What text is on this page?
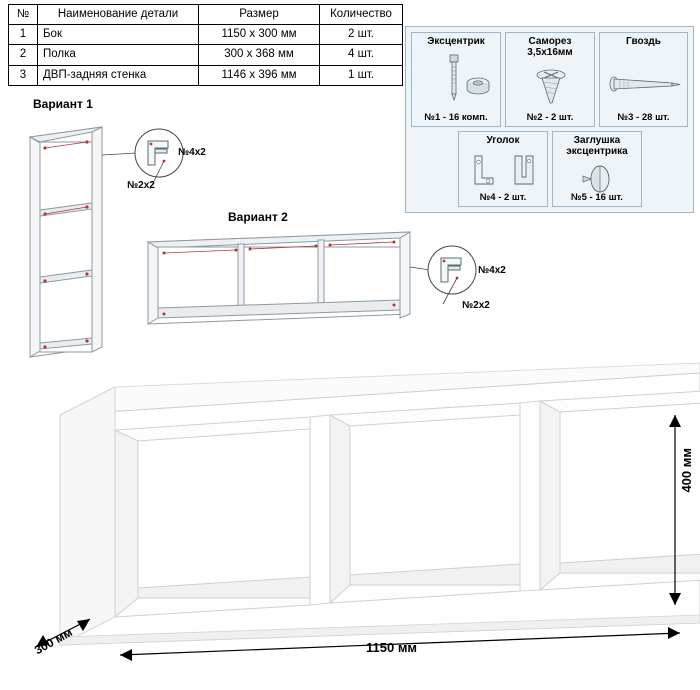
№	Наименование детали	Размер	Количество
1	Бок	1150 x 300 мм	2 шт.
2	Полка	300 x 368 мм	4 шт.
3	ДВП-задняя стенка	1146 x 396 мм	1 шт.
Эксцентрик
№1 - 16 комп.
Саморез
3,5x16мм
№2 - 2 шт.
Гвоздь
№3 - 28 шт.
Уголок
№4 - 2 шт.
Заглушка
эксцентрика
№5 - 16 шт.
Вариант 1
№4x2
№2x2
Вариант 2
№4x2
№2x2
1150 мм
400 мм
300 мм
